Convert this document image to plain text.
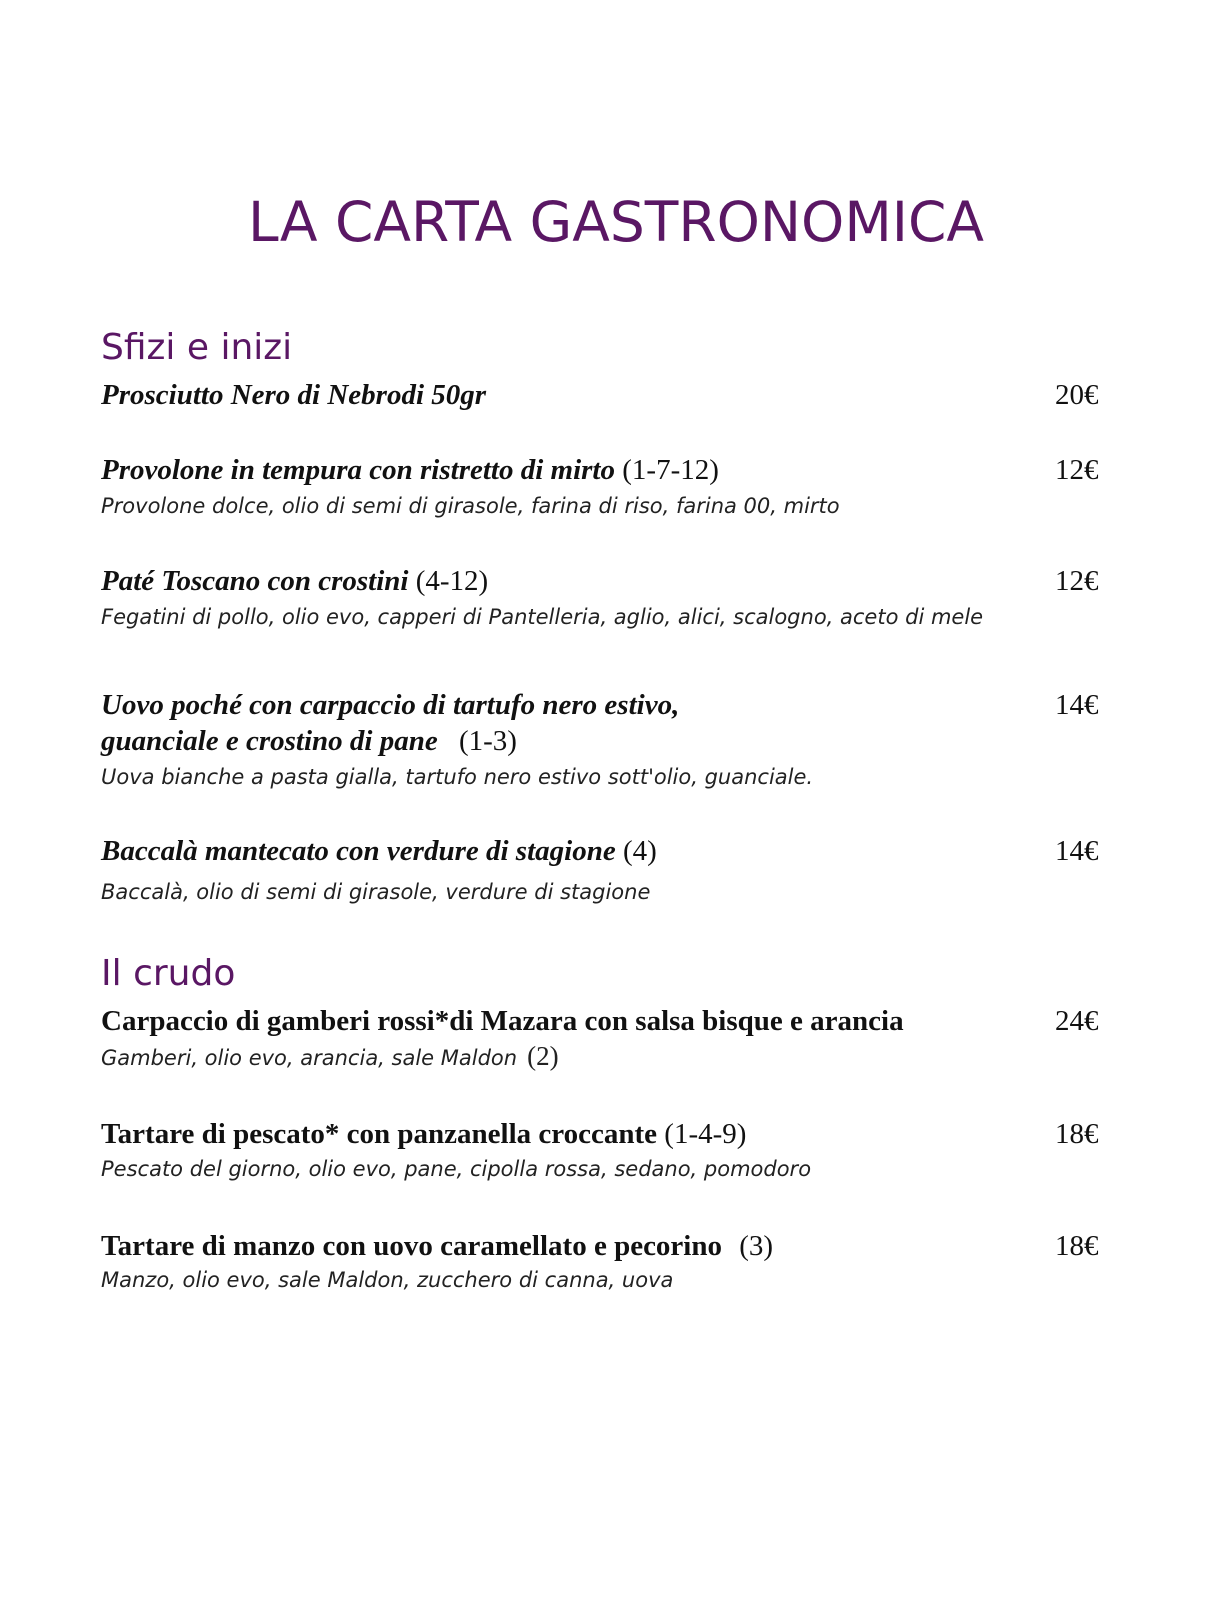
LA CARTA GASTRONOMICA
Sfizi e inizi

Prosciutto Nero di Nebrodi 50gr	20€

Provolone in tempura con ristretto di mirto (1-7-12)	12€

Provolone dolce, olio di semi di girasole, farina di riso, farina 00, mirto

Paté Toscano con crostini (4-12)	12€

Fegatini di pollo, olio evo, capperi di Pantelleria, aglio, alici, scalogno, aceto di mele

Uovo poché con carpaccio di tartufo nero estivo,	14€

guanciale e crostino di pane (1-3)

Uova bianche a pasta gialla, tartufo nero estivo sott'olio, guanciale.

Baccalà mantecato con verdure di stagione (4)	14€

Baccalà, olio di semi di girasole, verdure di stagione

Il crudo

Carpaccio di gamberi rossi*di Mazara con salsa bisque e arancia	24€

Gamberi, olio evo, arancia, sale Maldon (2)

Tartare di pescato* con panzanella croccante (1-4-9)	18€

Pescato del giorno, olio evo, pane, cipolla rossa, sedano, pomodoro

Tartare di manzo con uovo caramellato e pecorino (3)	18€

Manzo, olio evo, sale Maldon, zucchero di canna, uova
